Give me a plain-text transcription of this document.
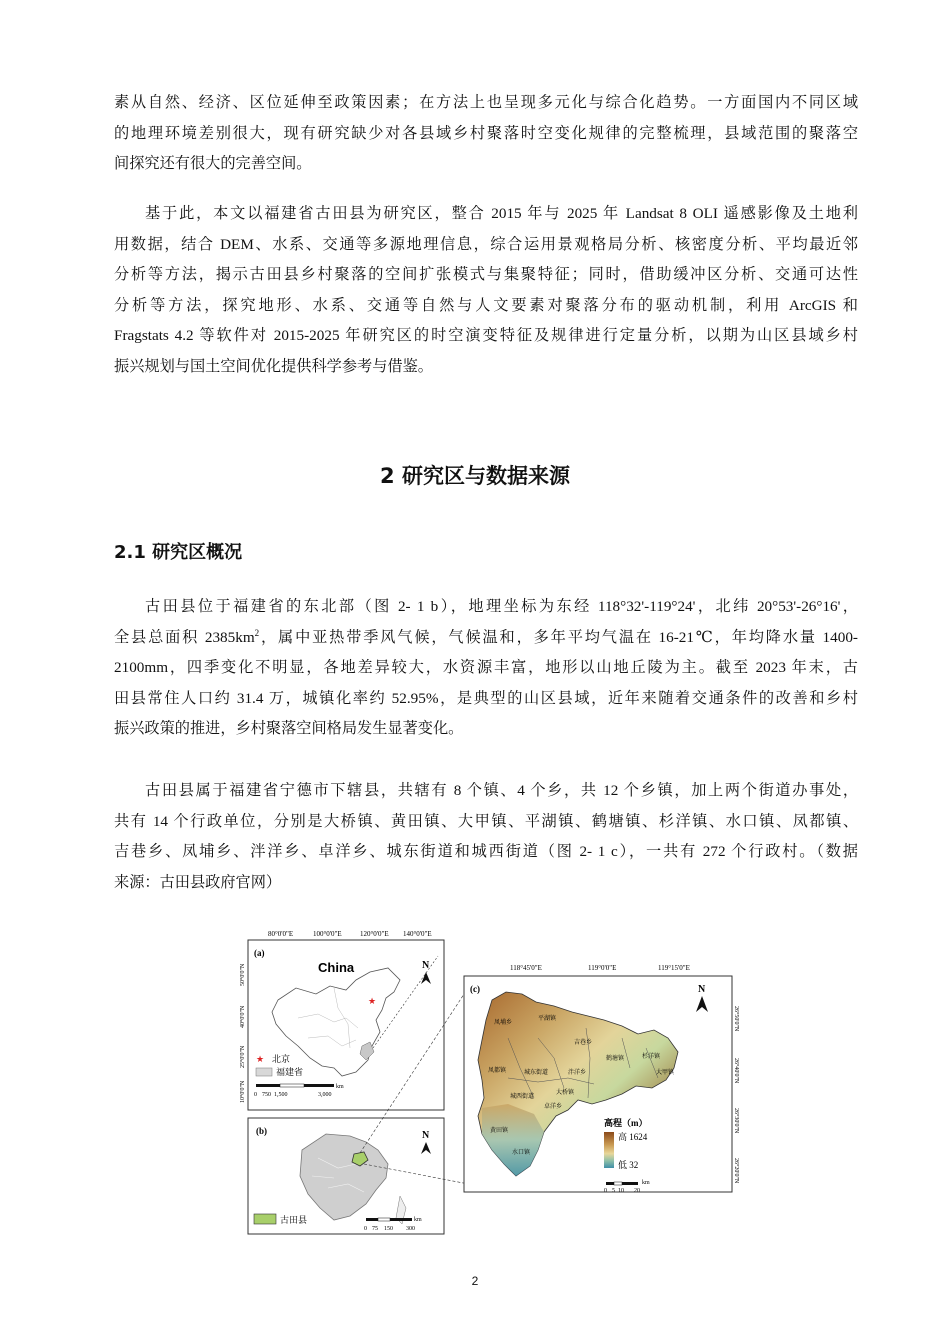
素从自然、经济、区位延伸至政策因素；在方法上也呈现多元化与综合化趋势。一方面国内不同区域
的地理环境差别很大，现有研究缺少对各县域乡村聚落时空变化规律的完整梳理，县域范围的聚落空
间探究还有很大的完善空间。
基于此，本文以福建省古田县为研究区，整合 2015 年与 2025 年 Landsat 8 OLI 遥感影像及土地利
用数据，结合 DEM、水系、交通等多源地理信息，综合运用景观格局分析、核密度分析、平均最近邻
分析等方法，揭示古田县乡村聚落的空间扩张模式与集聚特征；同时，借助缓冲区分析、交通可达性
分析等方法，探究地形、水系、交通等自然与人文要素对聚落分布的驱动机制，利用 ArcGIS 和
Fragstats 4.2 等软件对 2015-2025 年研究区的时空演变特征及规律进行定量分析，以期为山区县域乡村
振兴规划与国土空间优化提供科学参考与借鉴。
2 研究区与数据来源
2.1 研究区概况
古田县位于福建省的东北部（图 2- 1 b），地理坐标为东经 118°32'-119°24'，北纬 20°53'-26°16'，
全县总面积 $2385km^2$，属中亚热带季风气候，气候温和，多年平均气温在 16-21℃，年均降水量 1400-
2100mm，四季变化不明显，各地差异较大，水资源丰富，地形以山地丘陵为主。截至 2023 年末，古
田县常住人口约 31.4 万，城镇化率约 52.95%，是典型的山区县域，近年来随着交通条件的改善和乡村
振兴政策的推进，乡村聚落空间格局发生显著变化。
古田县属于福建省宁德市下辖县，共辖有 8 个镇、4 个乡，共 12 个乡镇，加上两个街道办事处，
共有 14 个行政单位，分别是大桥镇、黄田镇、大甲镇、平湖镇、鹤塘镇、杉洋镇、水口镇、凤都镇、
吉巷乡、凤埔乡、泮洋乡、卓洋乡、城东街道和城西街道（图 2- 1 c），一共有 272 个行政村。（数据
来源：古田县政府官网）
80°0'0"E	100°0'0"E	120°0'0"E 140°0'0"E
50°0'0"N
40°0'0"N
25°0'0"N
10°0'0"N
(a)
China
★
N
★ 北京
福建省
0 750 1,500	3,000
km
(b)	N
古田县
0 75 150 300
km
118°45'0"E	119°0'0"E	119°15'0"E
26°50'0"N
26°40'0"N
26°30'0"N
26°20'0"N
(c)	N
凤埔乡
平湖镇
吉巷乡
凤都镇	城东街道
鹤塘镇	杉洋镇
大甲镇
城西街道
泮洋乡
大桥镇
卓洋乡
黄田镇
水口镇
高程（m）
高 1624
低 32
0 5 10 20
km
2
